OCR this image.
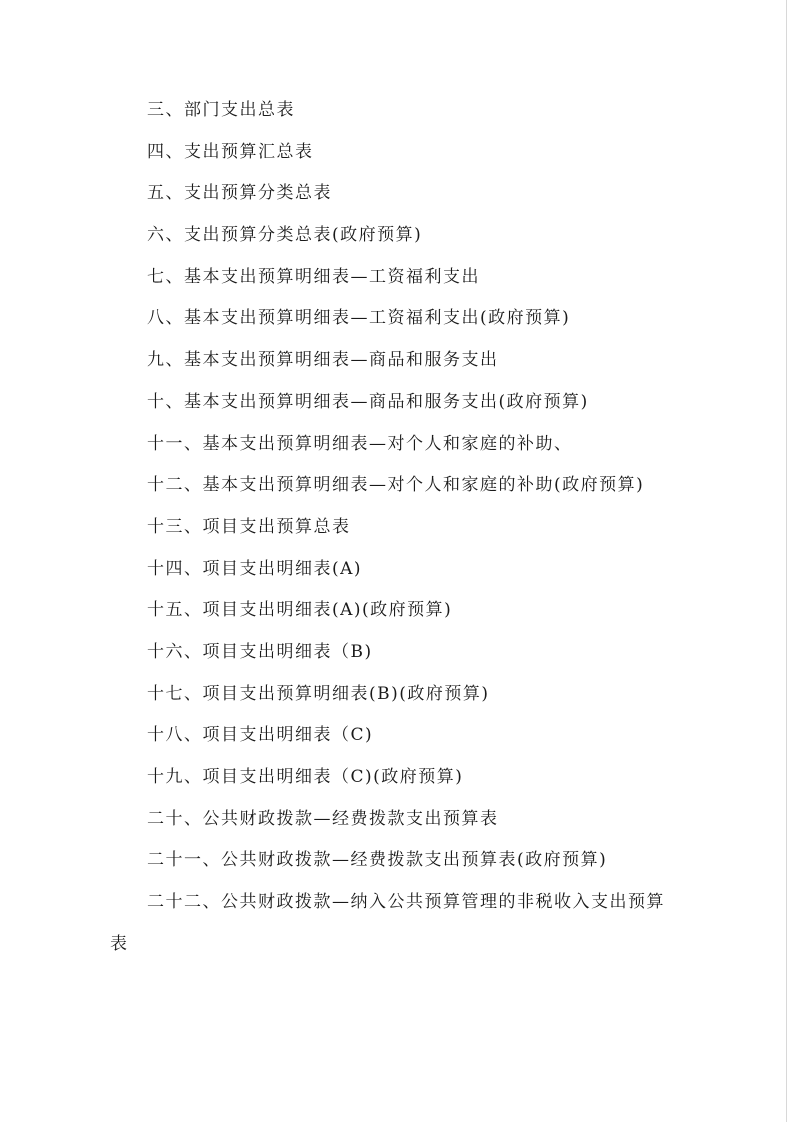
三、部门支出总表
四、支出预算汇总表
五、支出预算分类总表
六、支出预算分类总表(政府预算)
七、基本支出预算明细表—工资福利支出
八、基本支出预算明细表—工资福利支出(政府预算)
九、基本支出预算明细表—商品和服务支出
十、基本支出预算明细表—商品和服务支出(政府预算)
十一、基本支出预算明细表—对个人和家庭的补助、
十二、基本支出预算明细表—对个人和家庭的补助(政府预算)
十三、项目支出预算总表
十四、项目支出明细表(A)
十五、项目支出明细表(A)(政府预算)
十六、项目支出明细表（B)
十七、项目支出预算明细表(B)(政府预算)
十八、项目支出明细表（C)
十九、项目支出明细表（C)(政府预算)
二十、公共财政拨款—经费拨款支出预算表
二十一、公共财政拨款—经费拨款支出预算表(政府预算)
二十二、公共财政拨款—纳入公共预算管理的非税收入支出预算
表
